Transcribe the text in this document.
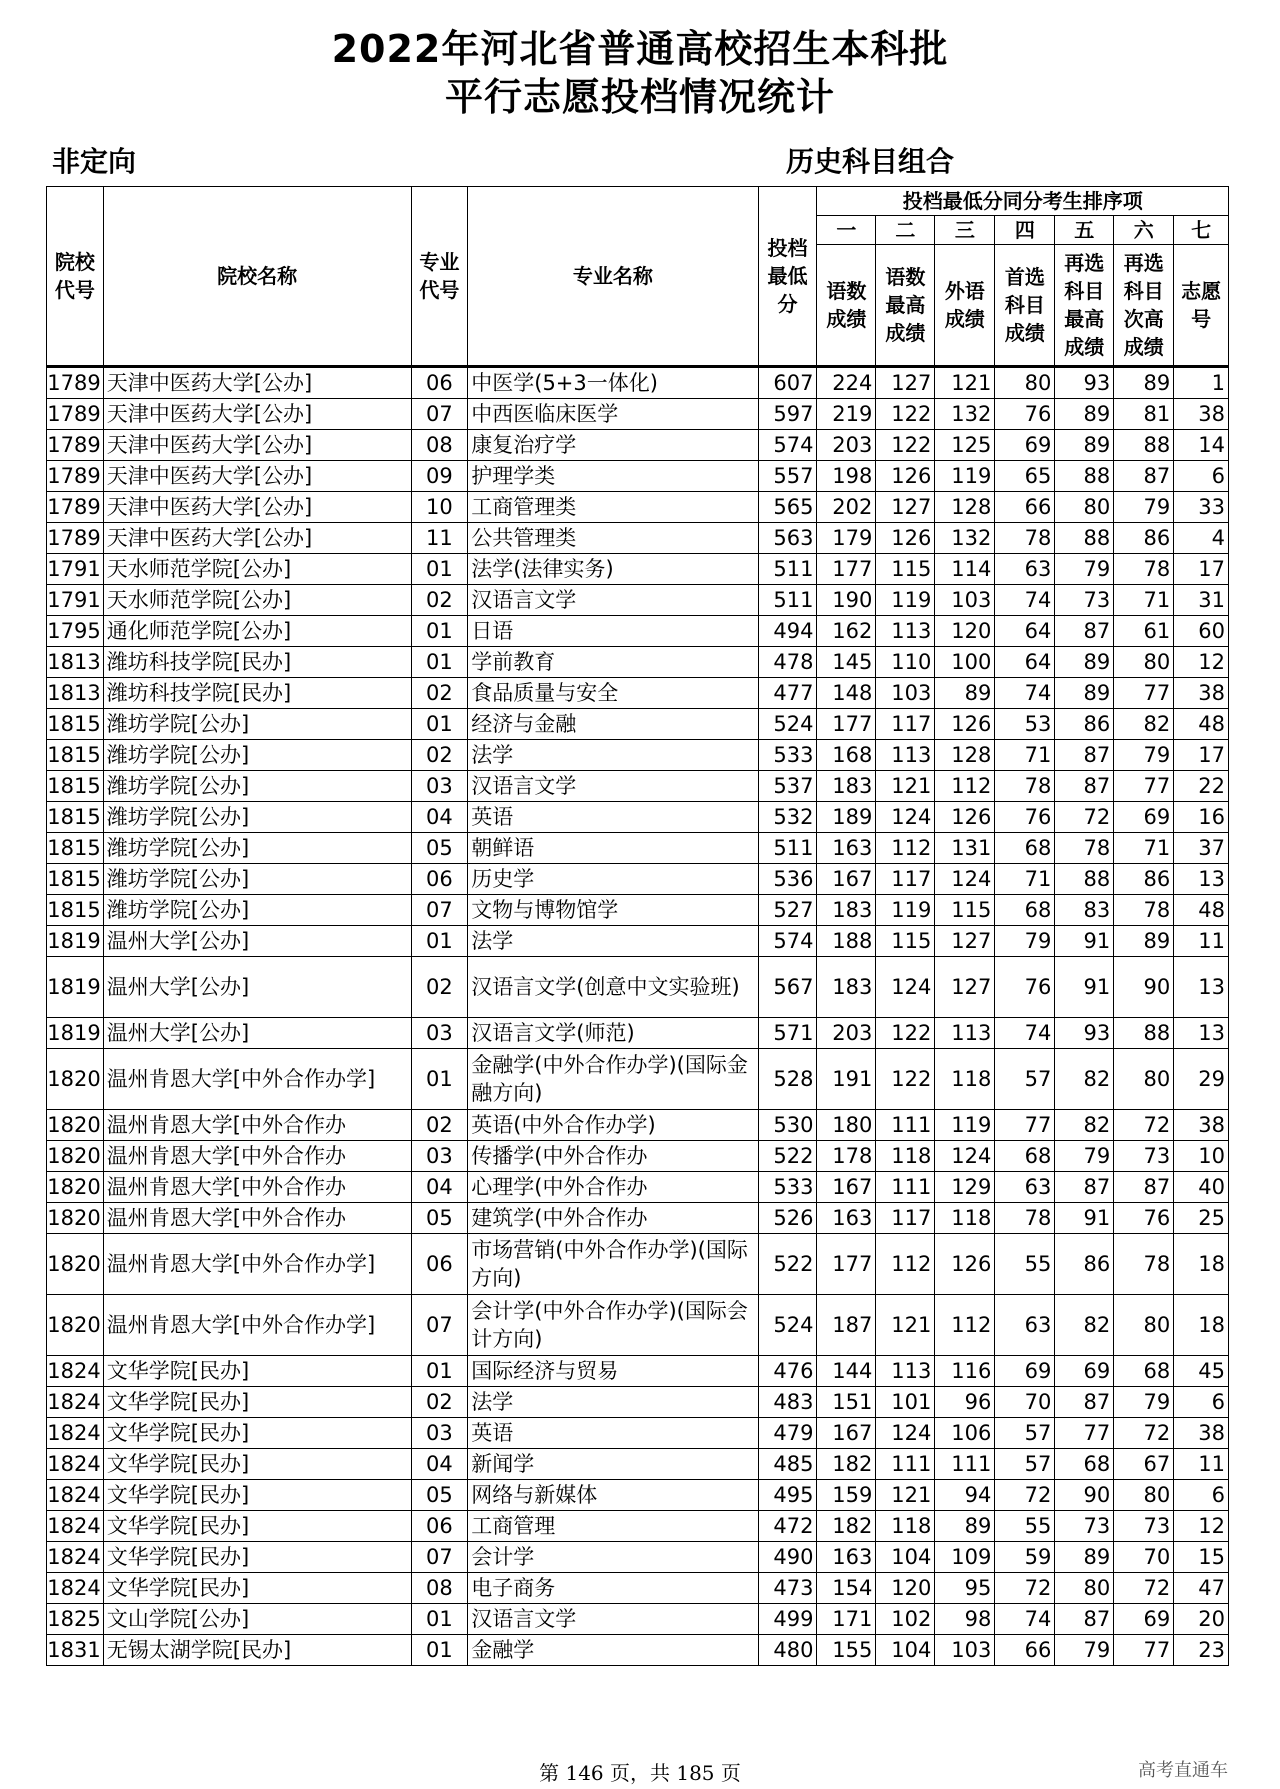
2022年河北省普通高校招生本科批
平行志愿投档情况统计
非定向	历史科目组合
院校代号	院校名称	专业代号	专业名称	投档最低分	投档最低分同分考生排序项						
					一	二	三	四	五	六	七
					语数成绩	语数最高成绩	外语成绩	首选科目成绩	再选科目最高成绩	再选科目次高成绩	志愿号
1789	天津中医药大学[公办]	06	中医学(5+3一体化)	607	224	127	121	80	93	89	1
1789	天津中医药大学[公办]	07	中西医临床医学	597	219	122	132	76	89	81	38
1789	天津中医药大学[公办]	08	康复治疗学	574	203	122	125	69	89	88	14
1789	天津中医药大学[公办]	09	护理学类	557	198	126	119	65	88	87	6
1789	天津中医药大学[公办]	10	工商管理类	565	202	127	128	66	80	79	33
1789	天津中医药大学[公办]	11	公共管理类	563	179	126	132	78	88	86	4
1791	天水师范学院[公办]	01	法学(法律实务)	511	177	115	114	63	79	78	17
1791	天水师范学院[公办]	02	汉语言文学	511	190	119	103	74	73	71	31
1795	通化师范学院[公办]	01	日语	494	162	113	120	64	87	61	60
1813	潍坊科技学院[民办]	01	学前教育	478	145	110	100	64	89	80	12
1813	潍坊科技学院[民办]	02	食品质量与安全	477	148	103	89	74	89	77	38
1815	潍坊学院[公办]	01	经济与金融	524	177	117	126	53	86	82	48
1815	潍坊学院[公办]	02	法学	533	168	113	128	71	87	79	17
1815	潍坊学院[公办]	03	汉语言文学	537	183	121	112	78	87	77	22
1815	潍坊学院[公办]	04	英语	532	189	124	126	76	72	69	16
1815	潍坊学院[公办]	05	朝鲜语	511	163	112	131	68	78	71	37
1815	潍坊学院[公办]	06	历史学	536	167	117	124	71	88	86	13
1815	潍坊学院[公办]	07	文物与博物馆学	527	183	119	115	68	83	78	48
1819	温州大学[公办]	01	法学	574	188	115	127	79	91	89	11
1819	温州大学[公办]	02	汉语言文学(创意中文实验班)	567	183	124	127	76	91	90	13
1819	温州大学[公办]	03	汉语言文学(师范)	571	203	122	113	74	93	88	13
1820	温州肯恩大学[中外合作办学]	01	金融学(中外合作办学)(国际金融方向)	528	191	122	118	57	82	80	29
1820	温州肯恩大学[中外合作办	02	英语(中外合作办学)	530	180	111	119	77	82	72	38
1820	温州肯恩大学[中外合作办	03	传播学(中外合作办	522	178	118	124	68	79	73	10
1820	温州肯恩大学[中外合作办	04	心理学(中外合作办	533	167	111	129	63	87	87	40
1820	温州肯恩大学[中外合作办	05	建筑学(中外合作办	526	163	117	118	78	91	76	25
1820	温州肯恩大学[中外合作办学]	06	市场营销(中外合作办学)(国际方向)	522	177	112	126	55	86	78	18
1820	温州肯恩大学[中外合作办学]	07	会计学(中外合作办学)(国际会计方向)	524	187	121	112	63	82	80	18
1824	文华学院[民办]	01	国际经济与贸易	476	144	113	116	69	69	68	45
1824	文华学院[民办]	02	法学	483	151	101	96	70	87	79	6
1824	文华学院[民办]	03	英语	479	167	124	106	57	77	72	38
1824	文华学院[民办]	04	新闻学	485	182	111	111	57	68	67	11
1824	文华学院[民办]	05	网络与新媒体	495	159	121	94	72	90	80	6
1824	文华学院[民办]	06	工商管理	472	182	118	89	55	73	73	12
1824	文华学院[民办]	07	会计学	490	163	104	109	59	89	70	15
1824	文华学院[民办]	08	电子商务	473	154	120	95	72	80	72	47
1825	文山学院[公办]	01	汉语言文学	499	171	102	98	74	87	69	20
1831	无锡太湖学院[民办]	01	金融学	480	155	104	103	66	79	77	23
第 146 页，共 185 页	高考直通车
